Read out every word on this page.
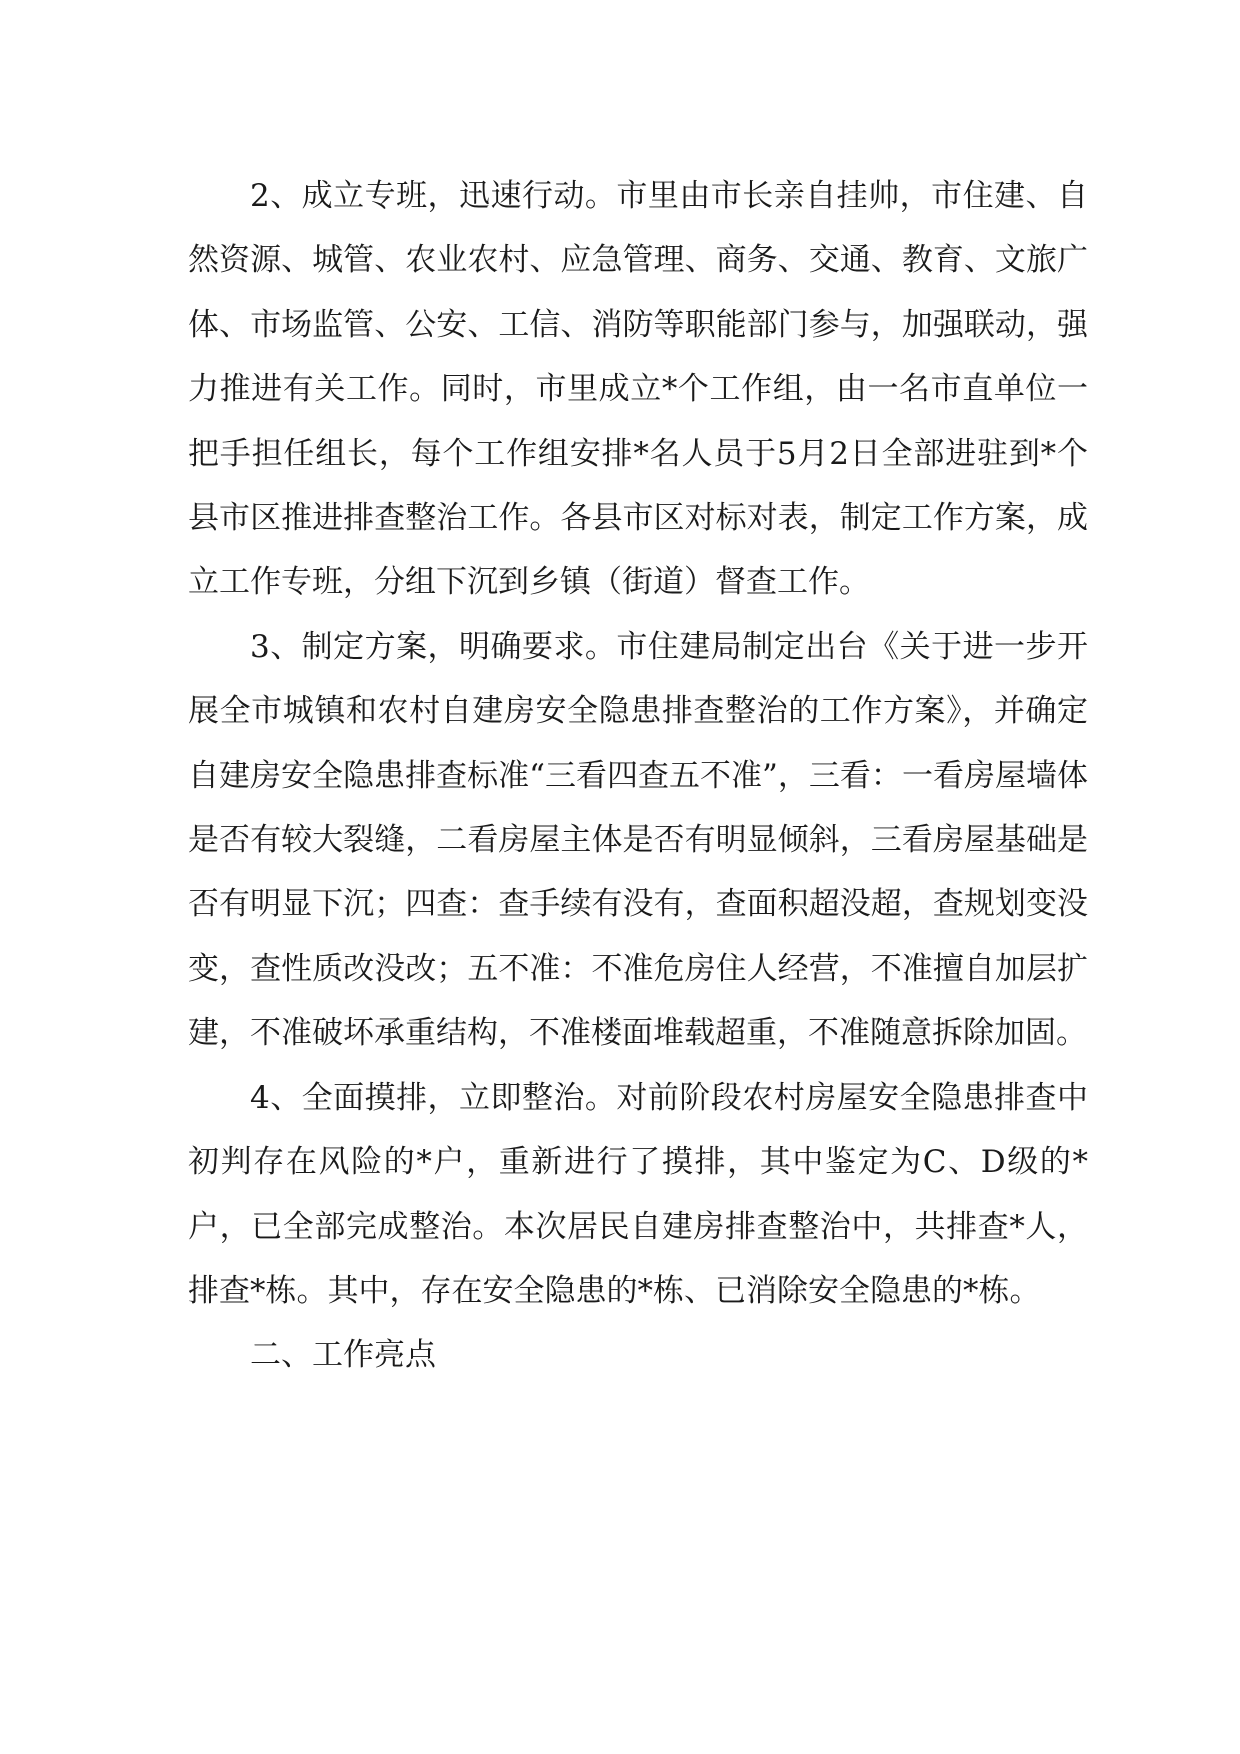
2、成立专班，迅速行动。市里由市长亲自挂帅，市住建、自然资源、城管、农业农村、应急管理、商务、交通、教育、文旅广体、市场监管、公安、工信、消防等职能部门参与，加强联动，强力推进有关工作。同时，市里成立*个工作组，由一名市直单位一把手担任组长，每个工作组安排*名人员于5月2日全部进驻到*个县市区推进排查整治工作。各县市区对标对表，制定工作方案，成立工作专班，分组下沉到乡镇（街道）督查工作。

3、制定方案，明确要求。市住建局制定出台《关于进一步开展全市城镇和农村自建房安全隐患排查整治的工作方案》，并确定自建房安全隐患排查标准“三看四查五不准”，三看：一看房屋墙体是否有较大裂缝，二看房屋主体是否有明显倾斜，三看房屋基础是否有明显下沉；四查：查手续有没有，查面积超没超，查规划变没变，查性质改没改；五不准：不准危房住人经营，不准擅自加层扩建，不准破坏承重结构，不准楼面堆载超重，不准随意拆除加固。

4、全面摸排，立即整治。对前阶段农村房屋安全隐患排查中初判存在风险的*户，重新进行了摸排，其中鉴定为C、D级的*户，已全部完成整治。本次居民自建房排查整治中，共排查*人，排查*栋。其中，存在安全隐患的*栋、已消除安全隐患的*栋。

二、工作亮点
